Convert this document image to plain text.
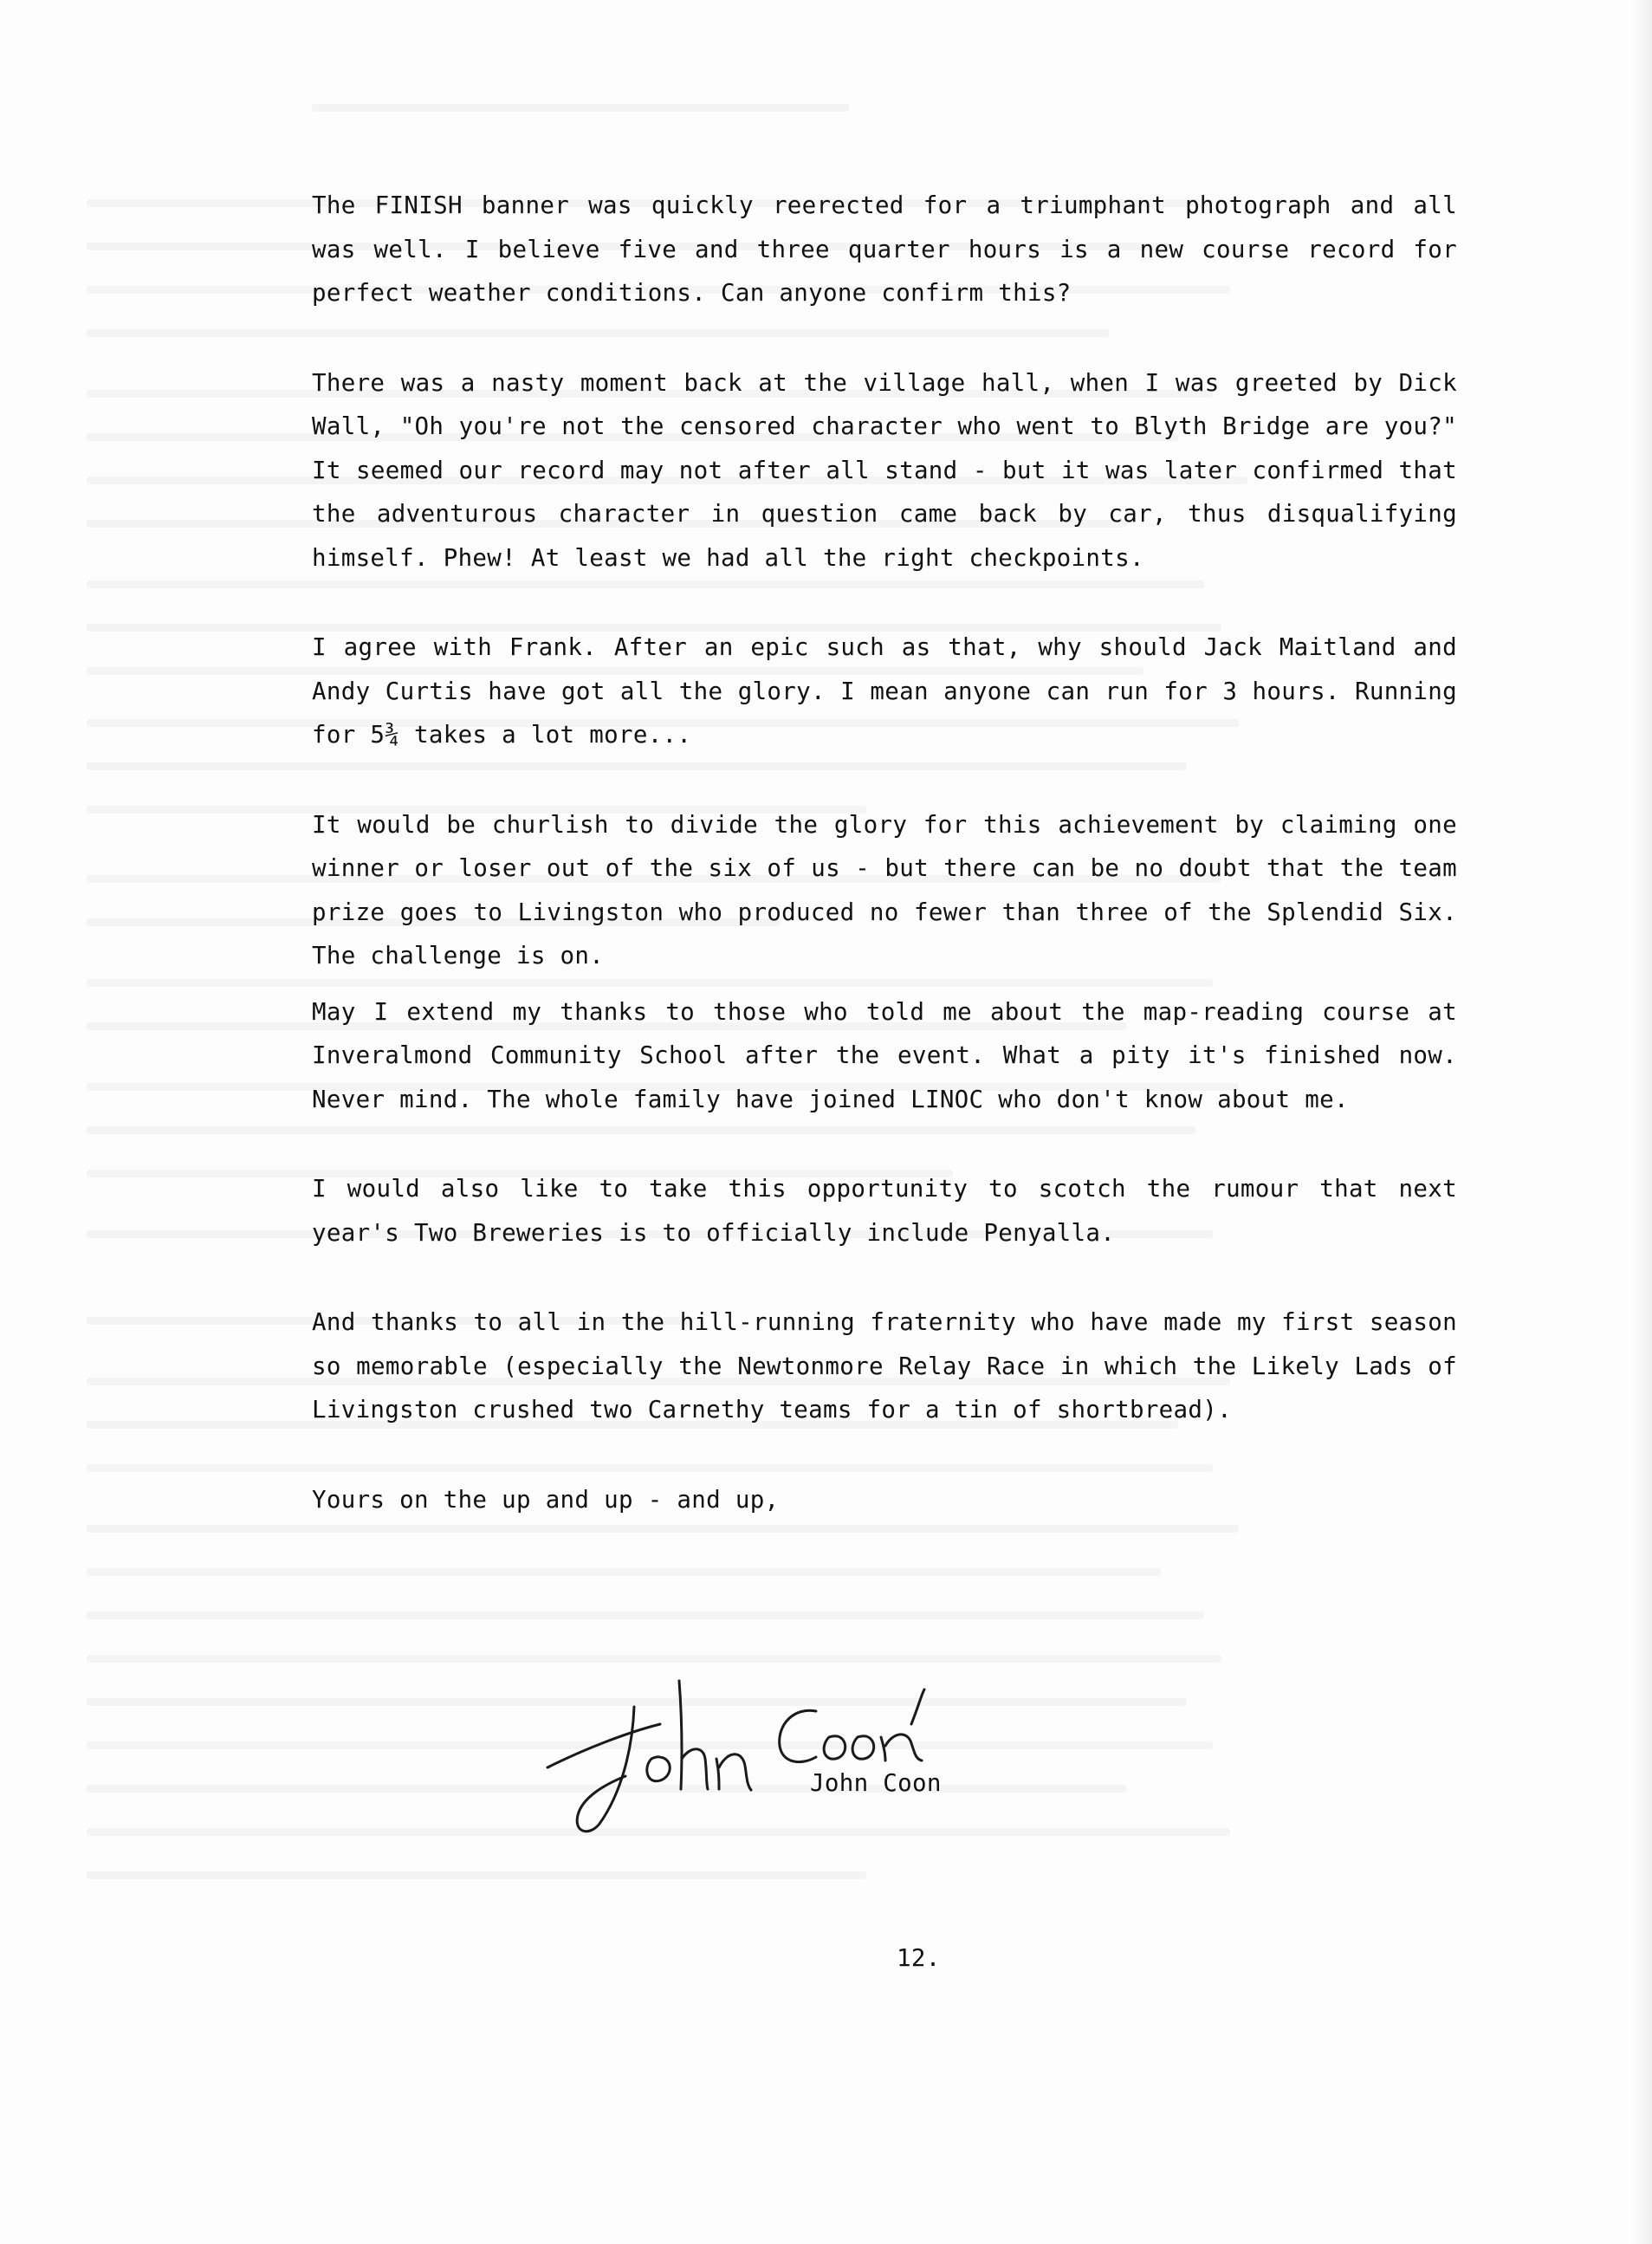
The FINISH banner was quickly reerected for a triumphant photograph and all was well. I believe five and three quarter hours is a new course record for perfect weather conditions. Can anyone confirm this?

There was a nasty moment back at the village hall, when I was greeted by Dick Wall, "Oh you're not the censored character who went to Blyth Bridge are you?" It seemed our record may not after all stand - but it was later confirmed that the adventurous character in question came back by car, thus disqualifying himself. Phew! At least we had all the right checkpoints.

I agree with Frank. After an epic such as that, why should Jack Maitland and Andy Curtis have got all the glory. I mean anyone can run for 3 hours. Running for 5¾ takes a lot more...

It would be churlish to divide the glory for this achievement by claiming one winner or loser out of the six of us - but there can be no doubt that the team prize goes to Livingston who produced no fewer than three of the Splendid Six. The challenge is on.

May I extend my thanks to those who told me about the map-reading course at Inveralmond Community School after the event. What a pity it's finished now. Never mind. The whole family have joined LINOC who don't know about me.

I would also like to take this opportunity to scotch the rumour that next year's Two Breweries is to officially include Penyalla.

And thanks to all in the hill-running fraternity who have made my first season so memorable (especially the Newtonmore Relay Race in which the Likely Lads of Livingston crushed two Carnethy teams for a tin of shortbread).

Yours on the up and up - and up,

John Coon
12.
